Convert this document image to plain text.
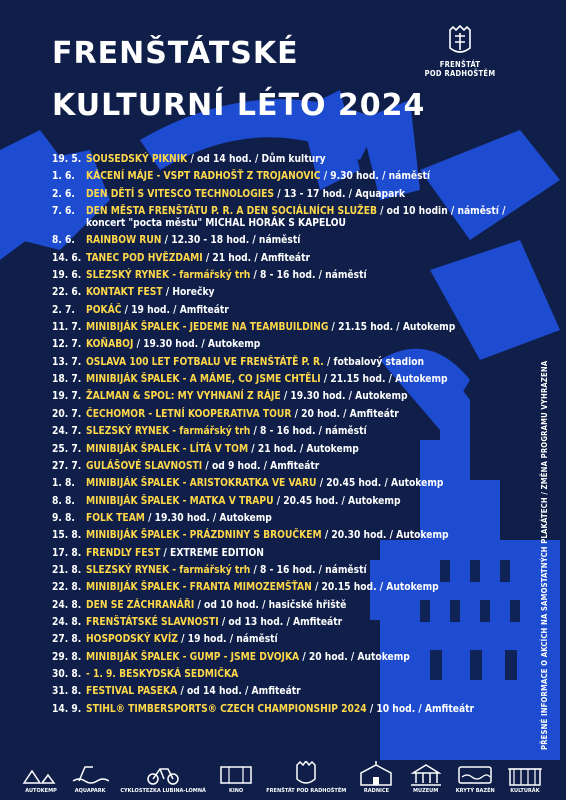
FRENŠTÁTSKÉ
KULTURNÍ LÉTO 2024
FRENŠTÁT
POD RADHOŠTĚM
19. 5. SOUSEDSKÝ PIKNIK / od 14 hod. / Dům kultury
1. 6.	KÁCENÍ MÁJE - VSPT RADHOŠŤ Z TROJANOVIC / 9.30 hod. / náměstí
2. 6.	DEN DĚTÍ S VITESCO TECHNOLOGIES / 13 - 17 hod. / Aquapark
7. 6.	DEN MĚSTA FRENŠTÁTU P. R. A DEN SOCIÁLNÍCH SLUŽEB / od 10 hodin / náměstí / koncert "pocta městu" MICHAL HORÁK S KAPELOU
8. 6.	RAINBOW RUN / 12.30 - 18 hod. / náměstí
14. 6. TANEC POD HVĚZDAMI / 21 hod. / Amfiteátr
19. 6. SLEZSKÝ RYNEK - farmářský trh / 8 - 16 hod. / náměstí
22. 6. KONTAKT FEST / Horečky
2. 7.	POKÁČ / 19 hod. / Amfiteátr
11. 7. MINIBIJÁK ŠPALEK - JEDEME NA TEAMBUILDING / 21.15 hod. / Autokemp
12. 7. KOŇABOJ / 19.30 hod. / Autokemp
13. 7. OSLAVA 100 LET FOTBALU VE FRENŠTÁTĚ P. R. / fotbalový stadion
18. 7. MINIBIJÁK ŠPALEK - A MÁME, CO JSME CHTĚLI / 21.15 hod. / Autokemp
19. 7. ŽALMAN & SPOL: MY VYHNANÍ Z RÁJE / 19.30 hod. / Autokemp
20. 7. ČECHOMOR - LETNÍ KOOPERATIVA TOUR / 20 hod. / Amfiteátr
24. 7. SLEZSKÝ RYNEK - farmářský trh / 8 - 16 hod. / náměstí
25. 7. MINIBIJÁK ŠPALEK - LÍTÁ V TOM / 21 hod. / Autokemp
27. 7. GULÁŠOVÉ SLAVNOSTI / od 9 hod. / Amfiteátr
1. 8.	MINIBIJÁK ŠPALEK - ARISTOKRATKA VE VARU / 20.45 hod. / Autokemp
8. 8.	MINIBIJÁK ŠPALEK - MATKA V TRAPU / 20.45 hod. / Autokemp
9. 8.	FOLK TEAM / 19.30 hod. / Autokemp
15. 8. MINIBIJÁK ŠPALEK - PRÁZDNINY S BROUČKEM / 20.30 hod. / Autokemp
17. 8. FRENDLY FEST / EXTREME EDITION
21. 8. SLEZSKÝ RYNEK - farmářský trh / 8 - 16 hod. / náměstí
22. 8. MINIBIJÁK ŠPALEK - FRANTA MIMOZEMŠŤAN / 20.15 hod. / Autokemp
24. 8. DEN SE ZÁCHRANÁŘI / od 10 hod. / hasičské hřiště
24. 8. FRENŠTÁTSKÉ SLAVNOSTI / od 13 hod. / Amfiteátr
27. 8. HOSPODSKÝ KVÍZ / 19 hod. / náměstí
29. 8. MINIBIJÁK ŠPALEK - GUMP - JSME DVOJKA / 20 hod. / Autokemp
30. 8. - 1. 9. BESKYDSKÁ SEDMIČKA
31. 8. FESTIVAL PASEKA / od 14 hod. / Amfiteátr
14. 9. STIHL® TIMBERSPORTS® CZECH CHAMPIONSHIP 2024 / 10 hod. / Amfiteátr	PŘESNÉ INFORMACE O AKCÍCH NA SAMOSTATNÝCH PLAKÁTECH / ZMĚNA PROGRAMU VYHRAZENA
AUTOKEMP	AQUAPARK	CYKLOSTEZKA LUBINA-LOMNÁ	KINO	FRENŠTÁT POD RADHOŠTĚM	RADNICE	MUZEUM	KRYTÝ BAZÉN	KULTURÁK
